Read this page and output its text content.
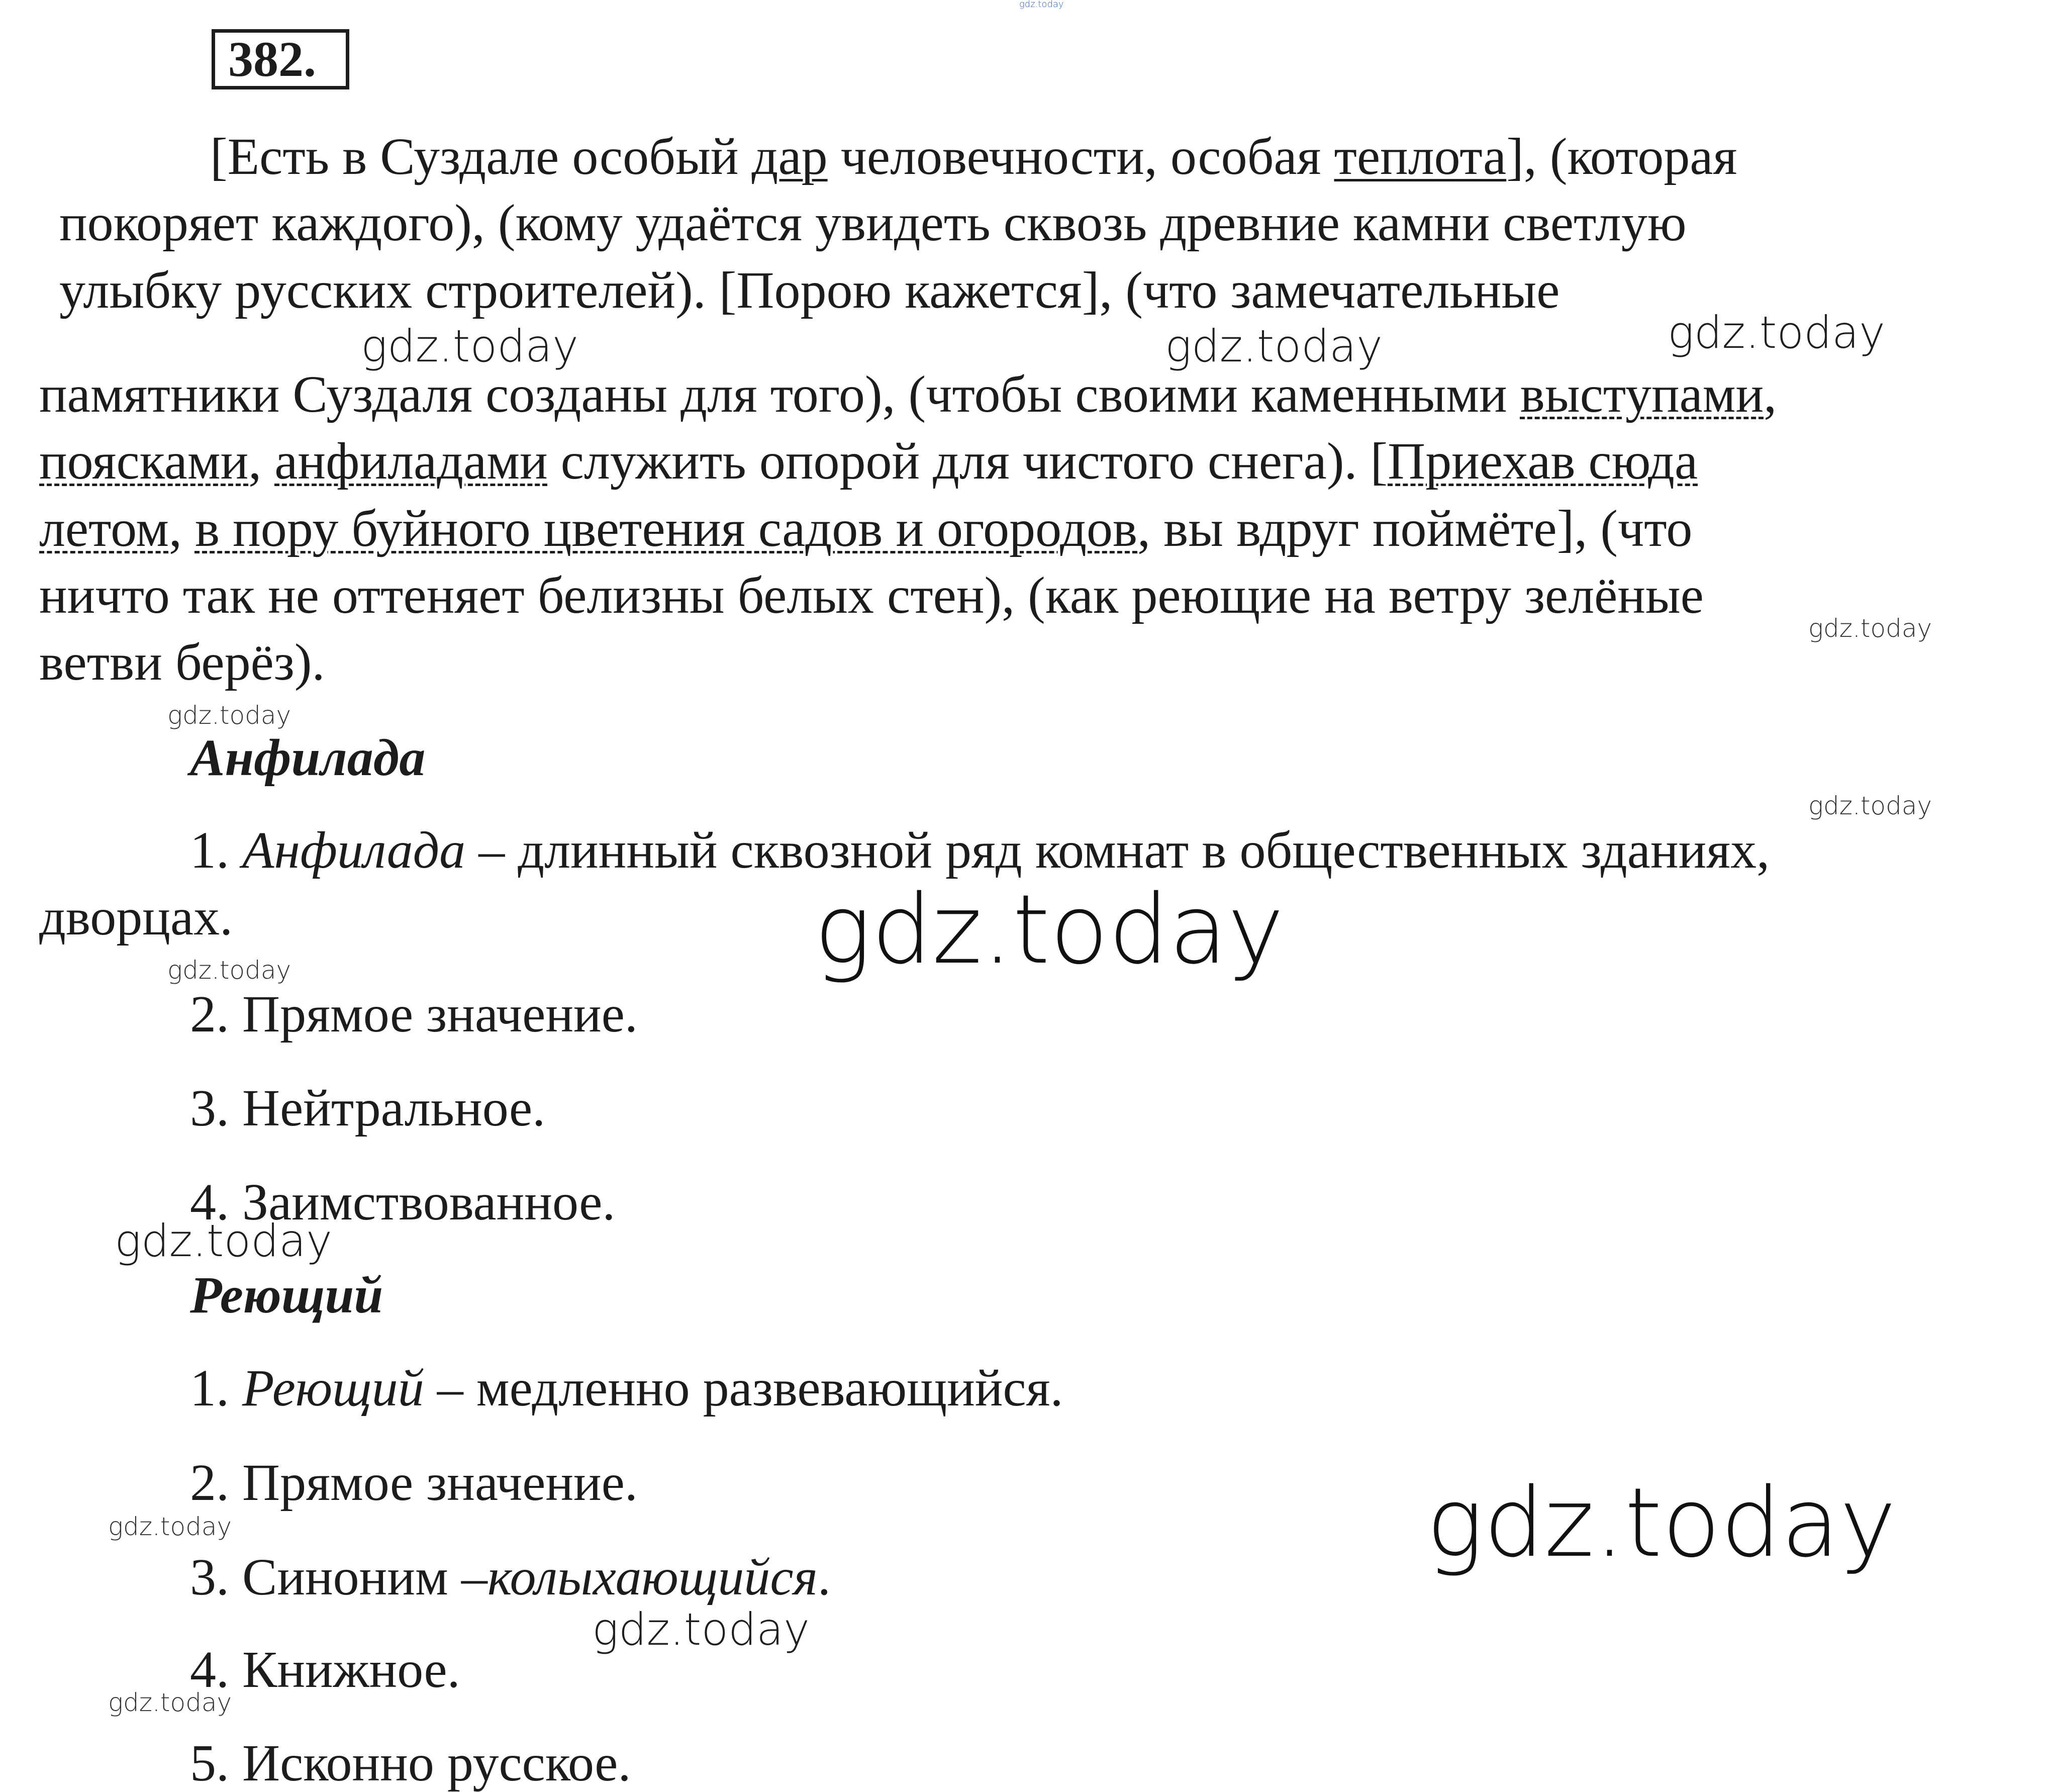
gdz.today
382.
[Есть в Суздале особый дар человечности, особая теплота], (которая
покоряет каждого), (кому удаётся увидеть сквозь древние камни светлую
улыбку русских строителей). [Порою кажется], (что замечательные
памятники Суздаля созданы для того), (чтобы своими каменными выступами,
поясками, анфиладами служить опорой для чистого снега). [Приехав сюда
летом, в пору буйного цветения садов и огородов, вы вдруг поймёте], (что
ничто так не оттеняет белизны белых стен), (как реющие на ветру зелёные
ветви берёз).
Анфилада
1. Анфилада – длинный сквозной ряд комнат в общественных зданиях,
дворцах.
2. Прямое значение.
3. Нейтральное.
4. Заимствованное.
Реющий
1. Реющий – медленно развевающийся.
2. Прямое значение.
3. Синоним –колыхающийся.
4. Книжное.
5. Исконно русское.
gdz.today	gdz.today	gdz.today
gdz.today
gdz.today
gdz.today
gdz.today
gdz.today
gdz.today
gdz.today	gdz.today
gdz.today
gdz.today
